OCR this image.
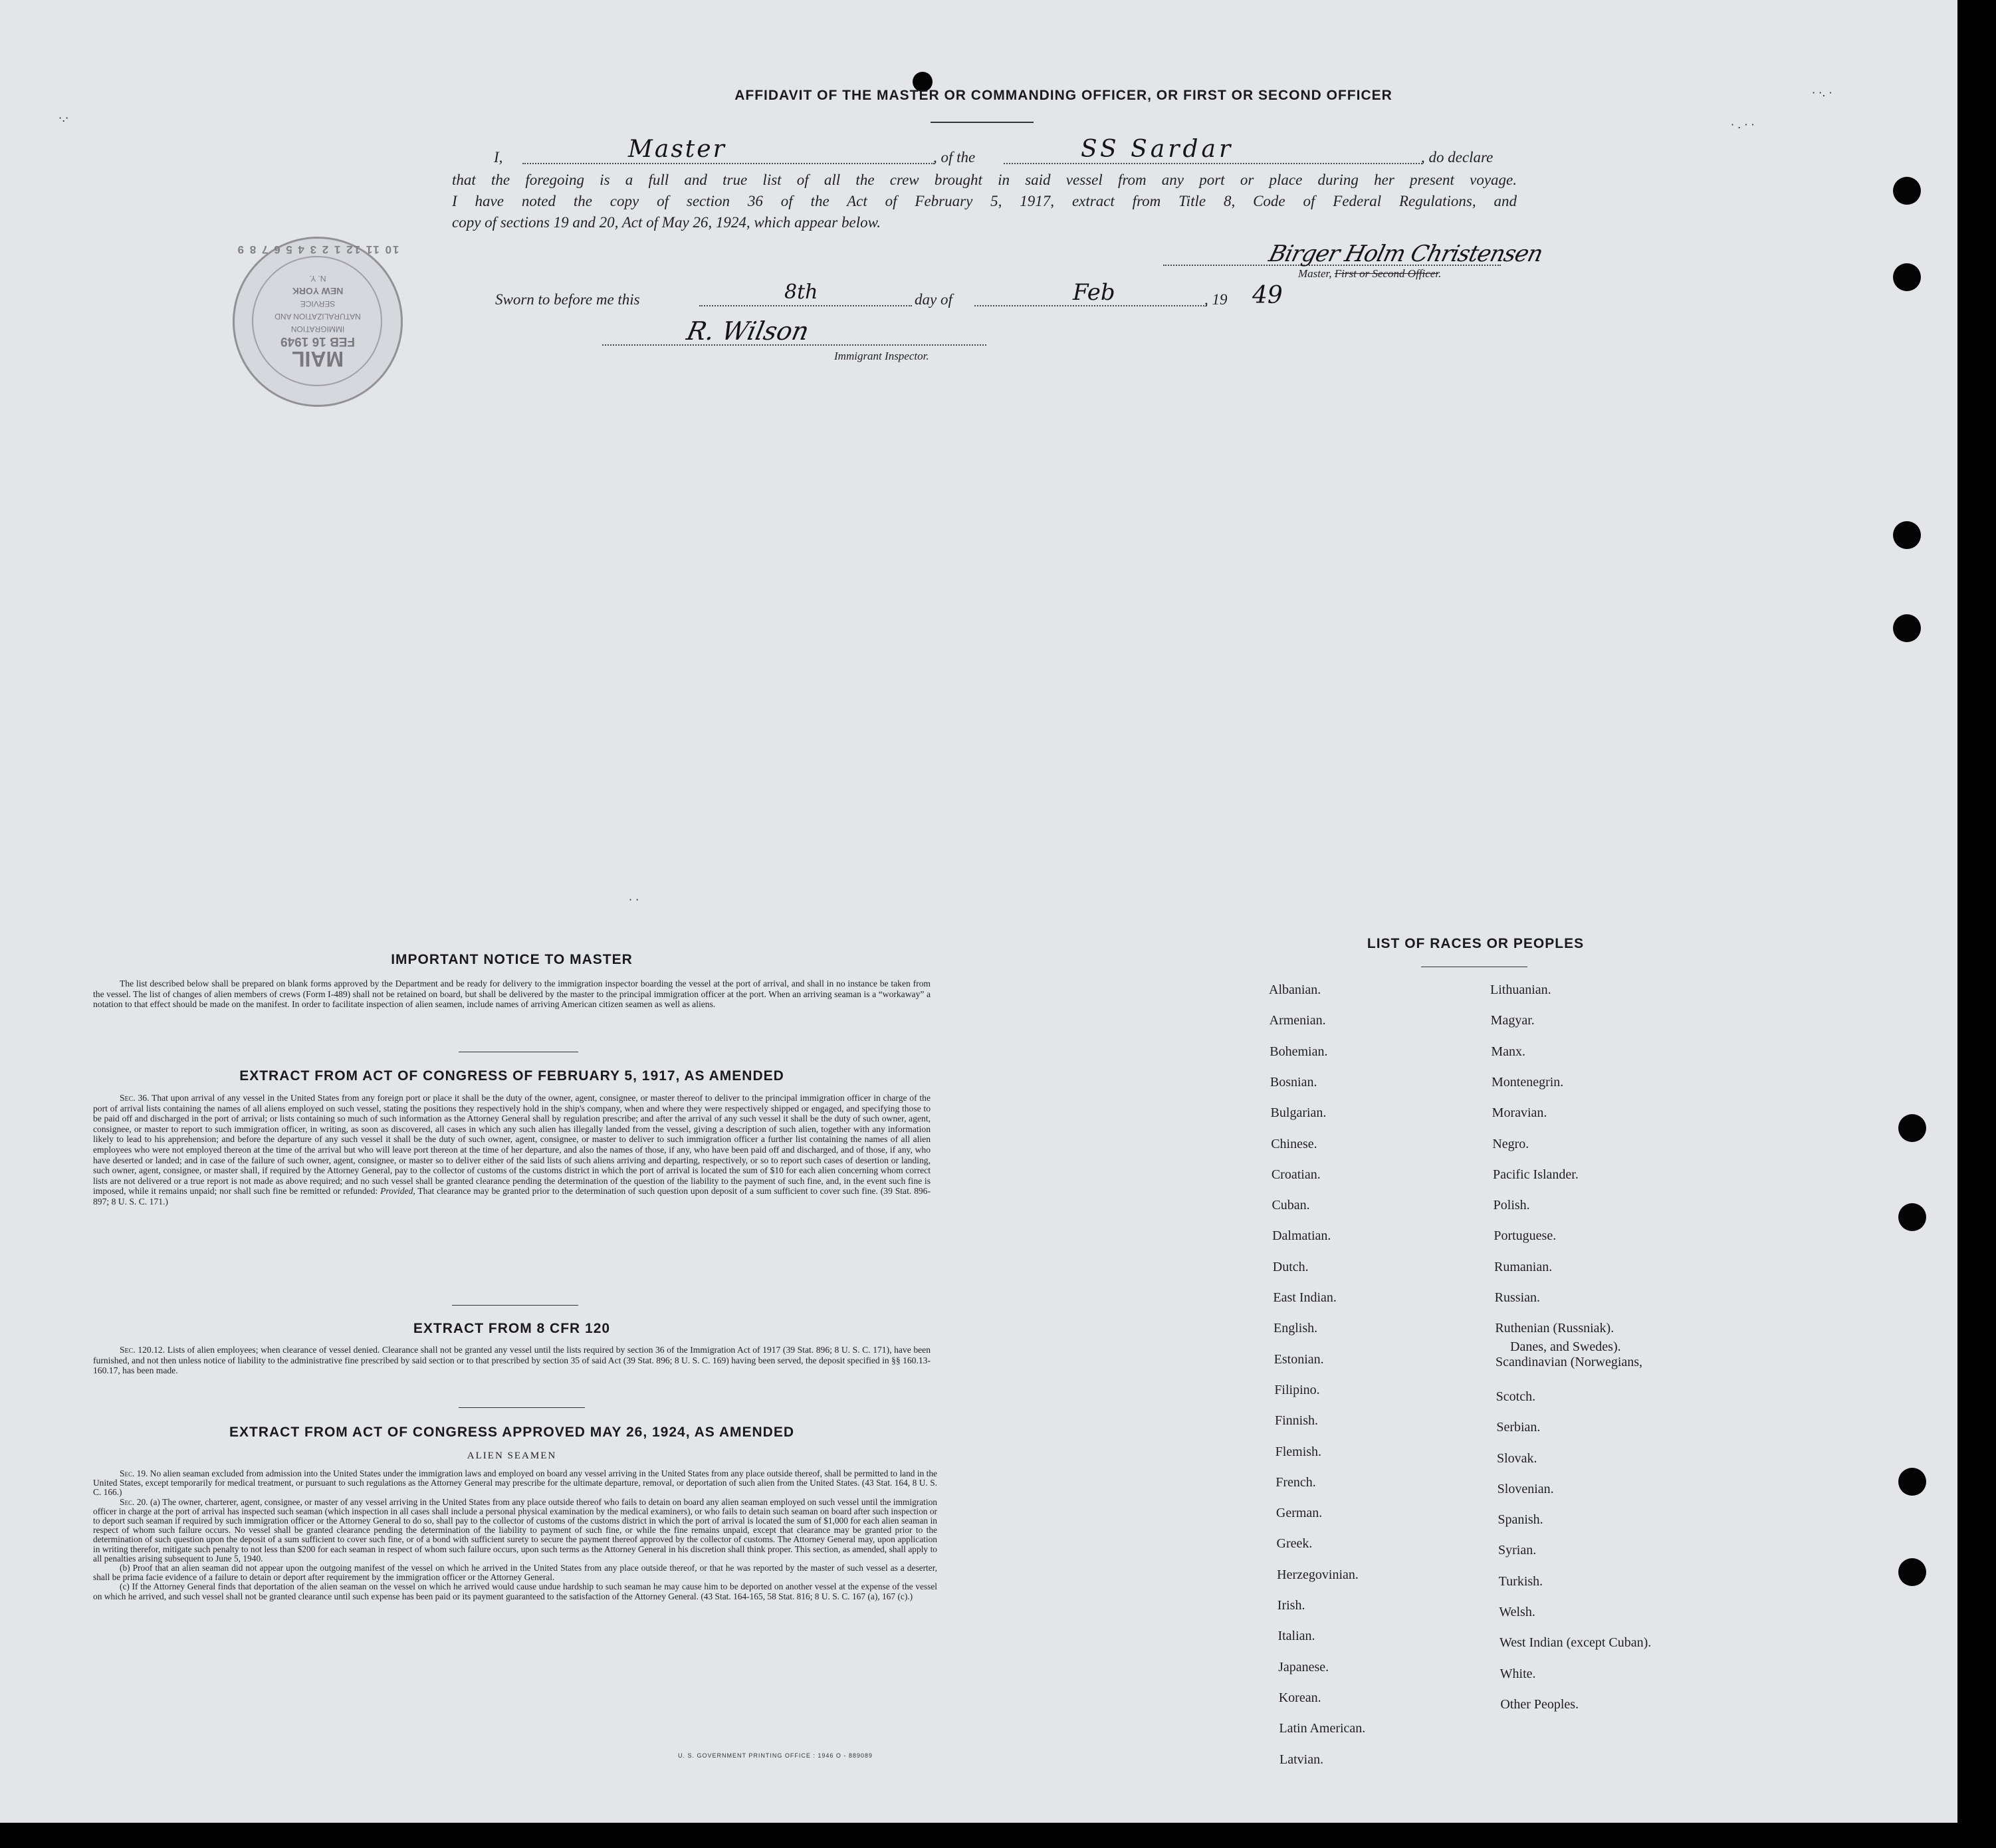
·.·
· ·. ·
· . · ·
· ·
AFFIDAVIT OF THE MASTER OR COMMANDING OFFICER, OR FIRST OR SECOND OFFICER
I,	Master	, of the	SS Sardar	, do declare
that the foregoing is a full and true list of all the crew brought in said vessel from any port or place during her present voyage.
I have noted the copy of section 36 of the Act of February 5, 1917, extract from Title 8, Code of Federal Regulations, and
copy of sections 19 and 20, Act of May 26, 1924, which appear below.
Birger Holm Christensen
Master, First or Second Officer.
Sworn to before me this	8th	day of	Feb	, 19 49
R. Wilson
Immigrant Inspector.
10 11 12 1 2 3 4 5 6 7 8 9
MAIL
FEB 16 1949
IMMIGRATION
NATURALIZATION AND
SERVICE
NEW YORK
N. Y.
IMPORTANT NOTICE TO MASTER

The list described below shall be prepared on blank forms approved by the Department and be ready for delivery to the immigration inspector boarding the vessel at the port of arrival, and shall in no instance be taken from the vessel. The list of changes of alien members of crews (Form I-489) shall not be retained on board, but shall be delivered by the master to the principal immigration officer at the port. When an arriving seaman is a “workaway” a notation to that effect should be made on the manifest. In order to facilitate inspection of alien seamen, include names of arriving American citizen seamen as well as aliens.

EXTRACT FROM ACT OF CONGRESS OF FEBRUARY 5, 1917, AS AMENDED

Sec. 36. That upon arrival of any vessel in the United States from any foreign port or place it shall be the duty of the owner, agent, consignee, or master thereof to deliver to the principal immigration officer in charge of the port of arrival lists containing the names of all aliens employed on such vessel, stating the positions they respectively hold in the ship's company, when and where they were respectively shipped or engaged, and specifying those to be paid off and discharged in the port of arrival; or lists containing so much of such information as the Attorney General shall by regulation prescribe; and after the arrival of any such vessel it shall be the duty of such owner, agent, consignee, or master to report to such immigration officer, in writing, as soon as discovered, all cases in which any such alien has illegally landed from the vessel, giving a description of such alien, together with any information likely to lead to his apprehension; and before the departure of any such vessel it shall be the duty of such owner, agent, consignee, or master to deliver to such immigration officer a further list containing the names of all alien employees who were not employed thereon at the time of the arrival but who will leave port thereon at the time of her departure, and also the names of those, if any, who have been paid off and discharged, and of those, if any, who have deserted or landed; and in case of the failure of such owner, agent, consignee, or master so to deliver either of the said lists of such aliens arriving and departing, respectively, or so to report such cases of desertion or landing, such owner, agent, consignee, or master shall, if required by the Attorney General, pay to the collector of customs of the customs district in which the port of arrival is located the sum of $10 for each alien concerning whom correct lists are not delivered or a true report is not made as above required; and no such vessel shall be granted clearance pending the determination of the question of the liability to the payment of such fine, and, in the event such fine is imposed, while it remains unpaid; nor shall such fine be remitted or refunded: Provided, That clearance may be granted prior to the determination of such question upon deposit of a sum sufficient to cover such fine. (39 Stat. 896-897; 8 U. S. C. 171.)

EXTRACT FROM 8 CFR 120

Sec. 120.12. Lists of alien employees; when clearance of vessel denied. Clearance shall not be granted any vessel until the lists required by section 36 of the Immigration Act of 1917 (39 Stat. 896; 8 U. S. C. 171), have been furnished, and not then unless notice of liability to the administrative fine prescribed by said section or to that prescribed by section 35 of said Act (39 Stat. 896; 8 U. S. C. 169) having been served, the deposit specified in §§ 160.13-160.17, has been made.

EXTRACT FROM ACT OF CONGRESS APPROVED MAY 26, 1924, AS AMENDED
ALIEN SEAMEN

Sec. 19. No alien seaman excluded from admission into the United States under the immigration laws and employed on board any vessel arriving in the United States from any place outside thereof, shall be permitted to land in the United States, except temporarily for medical treatment, or pursuant to such regulations as the Attorney General may prescribe for the ultimate departure, removal, or deportation of such alien from the United States. (43 Stat. 164, 8 U. S. C. 166.)

Sec. 20. (a) The owner, charterer, agent, consignee, or master of any vessel arriving in the United States from any place outside thereof who fails to detain on board any alien seaman employed on such vessel until the immigration officer in charge at the port of arrival has inspected such seaman (which inspection in all cases shall include a personal physical examination by the medical examiners), or who fails to detain such seaman on board after such inspection or to deport such seaman if required by such immigration officer or the Attorney General to do so, shall pay to the collector of customs of the customs district in which the port of arrival is located the sum of $1,000 for each alien seaman in respect of whom such failure occurs. No vessel shall be granted clearance pending the determination of the liability to payment of such fine, or while the fine remains unpaid, except that clearance may be granted prior to the determination of such question upon the deposit of a sum sufficient to cover such fine, or of a bond with sufficient surety to secure the payment thereof approved by the collector of customs. The Attorney General may, upon application in writing therefor, mitigate such penalty to not less than $200 for each seaman in respect of whom such failure occurs, upon such terms as the Attorney General in his discretion shall think proper. This section, as amended, shall apply to all penalties arising subsequent to June 5, 1940.

(b) Proof that an alien seaman did not appear upon the outgoing manifest of the vessel on which he arrived in the United States from any place outside thereof, or that he was reported by the master of such vessel as a deserter, shall be prima facie evidence of a failure to detain or deport after requirement by the immigration officer or the Attorney General.

(c) If the Attorney General finds that deportation of the alien seaman on the vessel on which he arrived would cause undue hardship to such seaman he may cause him to be deported on another vessel at the expense of the vessel on which he arrived, and such vessel shall not be granted clearance until such expense has been paid or its payment guaranteed to the satisfaction of the Attorney General. (43 Stat. 164-165, 58 Stat. 816; 8 U. S. C. 167 (a), 167 (c).)

U. S. GOVERNMENT PRINTING OFFICE : 1946 O - 889089
LIST OF RACES OR PEOPLES
Albanian.
Armenian.
Bohemian.
Bosnian.
Bulgarian.
Chinese.
Croatian.
Cuban.
Dalmatian.
Dutch.
East Indian.
English.
Estonian.
Filipino.
Finnish.
Flemish.
French.
German.
Greek.
Herzegovinian.
Irish.
Italian.
Japanese.
Korean.
Latin American.
Latvian.
Lithuanian.
Magyar.
Manx.
Montenegrin.
Moravian.
Negro.
Pacific Islander.
Polish.
Portuguese.
Rumanian.
Russian.
Ruthenian (Russniak).
Scandinavian (Norwegians,
Danes, and Swedes).
Scotch.
Serbian.
Slovak.
Slovenian.
Spanish.
Syrian.
Turkish.
Welsh.
West Indian (except Cuban).
White.
Other Peoples.
